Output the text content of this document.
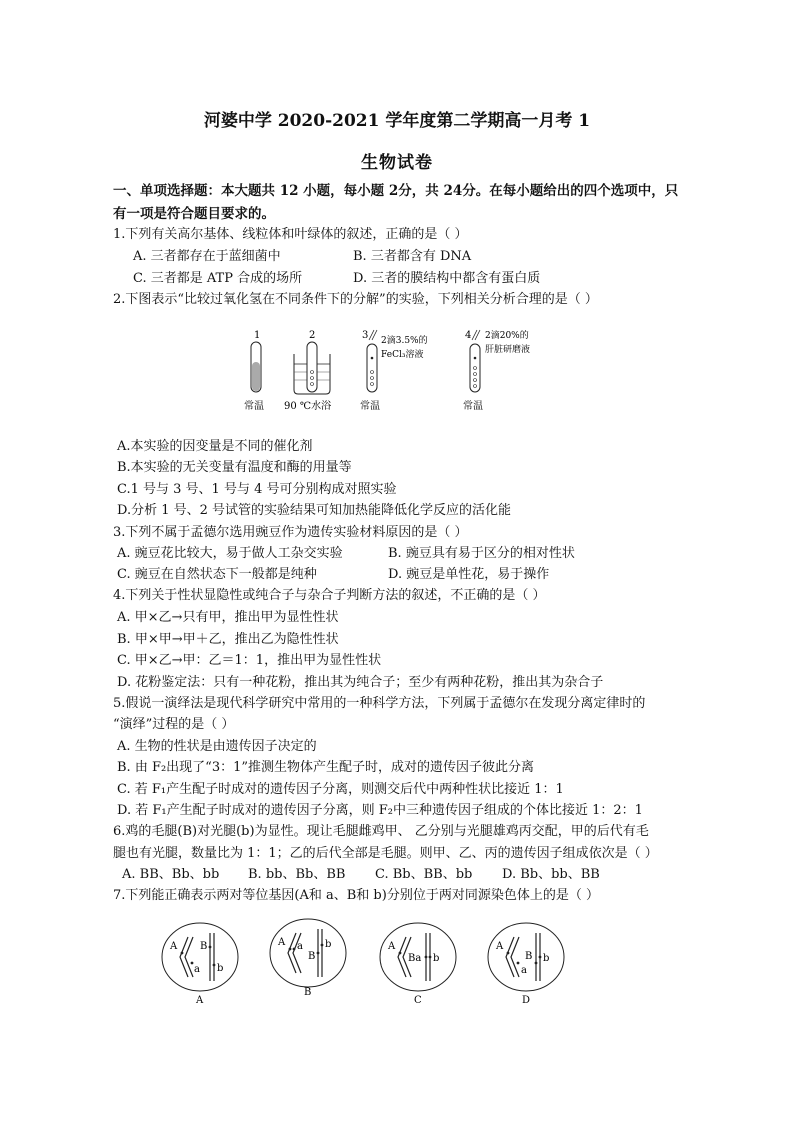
河婆中学 2020-2021 学年度第二学期高一月考 1
生物试卷
一、单项选择题：本大题共 12 小题，每小题 2分，共 24分。在每小题给出的四个选项中，只
有一项是符合题目要求的。
1.下列有关高尔基体、线粒体和叶绿体的叙述，正确的是（ ）
A. 三者都存在于蓝细菌中	B. 三者都含有 DNA
C. 三者都是 ATP 合成的场所	D. 三者的膜结构中都含有蛋白质
2.下图表示“比较过氧化氢在不同条件下的分解”的实验，下列相关分析合理的是（ ）
1
常温
2
90 ℃水浴
3 2滴3.5%的
FeCl₃溶液
常温
4 2滴20%的
肝脏研磨液
常温
A.本实验的因变量是不同的催化剂
B.本实验的无关变量有温度和酶的用量等
C.1 号与 3 号、1 号与 4 号可分别构成对照实验
D.分析 1 号、2 号试管的实验结果可知加热能降低化学反应的活化能
3.下列不属于孟德尔选用豌豆作为遗传实验材料原因的是（ ）
A. 豌豆花比较大，易于做人工杂交实验	B. 豌豆具有易于区分的相对性状
C. 豌豆在自然状态下一般都是纯种	D. 豌豆是单性花，易于操作
4.下列关于性状显隐性或纯合子与杂合子判断方法的叙述，不正确的是（ ）
A. 甲×乙→只有甲，推出甲为显性性状
B. 甲×甲→甲＋乙，推出乙为隐性性状
C. 甲×乙→甲：乙＝1：1，推出甲为显性性状
D. 花粉鉴定法：只有一种花粉，推出其为纯合子；至少有两种花粉，推出其为杂合子
5.假说一演绎法是现代科学研究中常用的一种科学方法，下列属于孟德尔在发现分离定律时的
“演绎”过程的是（ ）
A. 生物的性状是由遗传因子决定的
B. 由 F₂出现了“3：1”推测生物体产生配子时，成对的遗传因子彼此分离
C. 若 F₁产生配子时成对的遗传因子分离，则测交后代中两种性状比接近 1：1
D. 若 F₁产生配子时成对的遗传因子分离，则 F₂中三种遗传因子组成的个体比接近 1：2：1
6.鸡的毛腿(B)对光腿(b)为显性。现让毛腿雌鸡甲、 乙分别与光腿雄鸡丙交配，甲的后代有毛
腿也有光腿，数量比为 1：1；乙的后代全部是毛腿。则甲、乙、丙的遗传因子组成依次是（ ）
A. BB、Bb、bb B. bb、Bb、BB C. Bb、BB、bb D. Bb、bb、BB
7.下列能正确表示两对等位基因(A和 a、B和 b)分别位于两对同源染色体上的是（ ）
A B
a b
A
A a
B
b
B
A
Ba b
C
A
B
a
b
D
